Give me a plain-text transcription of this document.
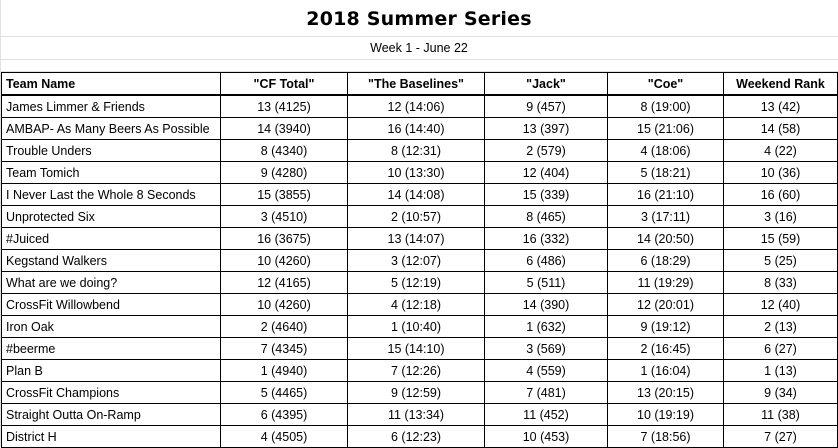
2018 Summer Series
Week 1 - June 22
Team Name	"CF Total"	"The Baselines"	"Jack"	"Coe"	Weekend Rank
James Limmer & Friends	13 (4125)	12 (14:06)	9 (457)	8 (19:00)	13 (42)
AMBAP- As Many Beers As Possible	14 (3940)	16 (14:40)	13 (397)	15 (21:06)	14 (58)
Trouble Unders	8 (4340)	8 (12:31)	2 (579)	4 (18:06)	4 (22)
Team Tomich	9 (4280)	10 (13:30)	12 (404)	5 (18:21)	10 (36)
I Never Last the Whole 8 Seconds	15 (3855)	14 (14:08)	15 (339)	16 (21:10)	16 (60)
Unprotected Six	3 (4510)	2 (10:57)	8 (465)	3 (17:11)	3 (16)
#Juiced	16 (3675)	13 (14:07)	16 (332)	14 (20:50)	15 (59)
Kegstand Walkers	10 (4260)	3 (12:07)	6 (486)	6 (18:29)	5 (25)
What are we doing?	12 (4165)	5 (12:19)	5 (511)	11 (19:29)	8 (33)
CrossFit Willowbend	10 (4260)	4 (12:18)	14 (390)	12 (20:01)	12 (40)
Iron Oak	2 (4640)	1 (10:40)	1 (632)	9 (19:12)	2 (13)
#beerme	7 (4345)	15 (14:10)	3 (569)	2 (16:45)	6 (27)
Plan B	1 (4940)	7 (12:26)	4 (559)	1 (16:04)	1 (13)
CrossFit Champions	5 (4465)	9 (12:59)	7 (481)	13 (20:15)	9 (34)
Straight Outta On-Ramp	6 (4395)	11 (13:34)	11 (452)	10 (19:19)	11 (38)
District H	4 (4505)	6 (12:23)	10 (453)	7 (18:56)	7 (27)
